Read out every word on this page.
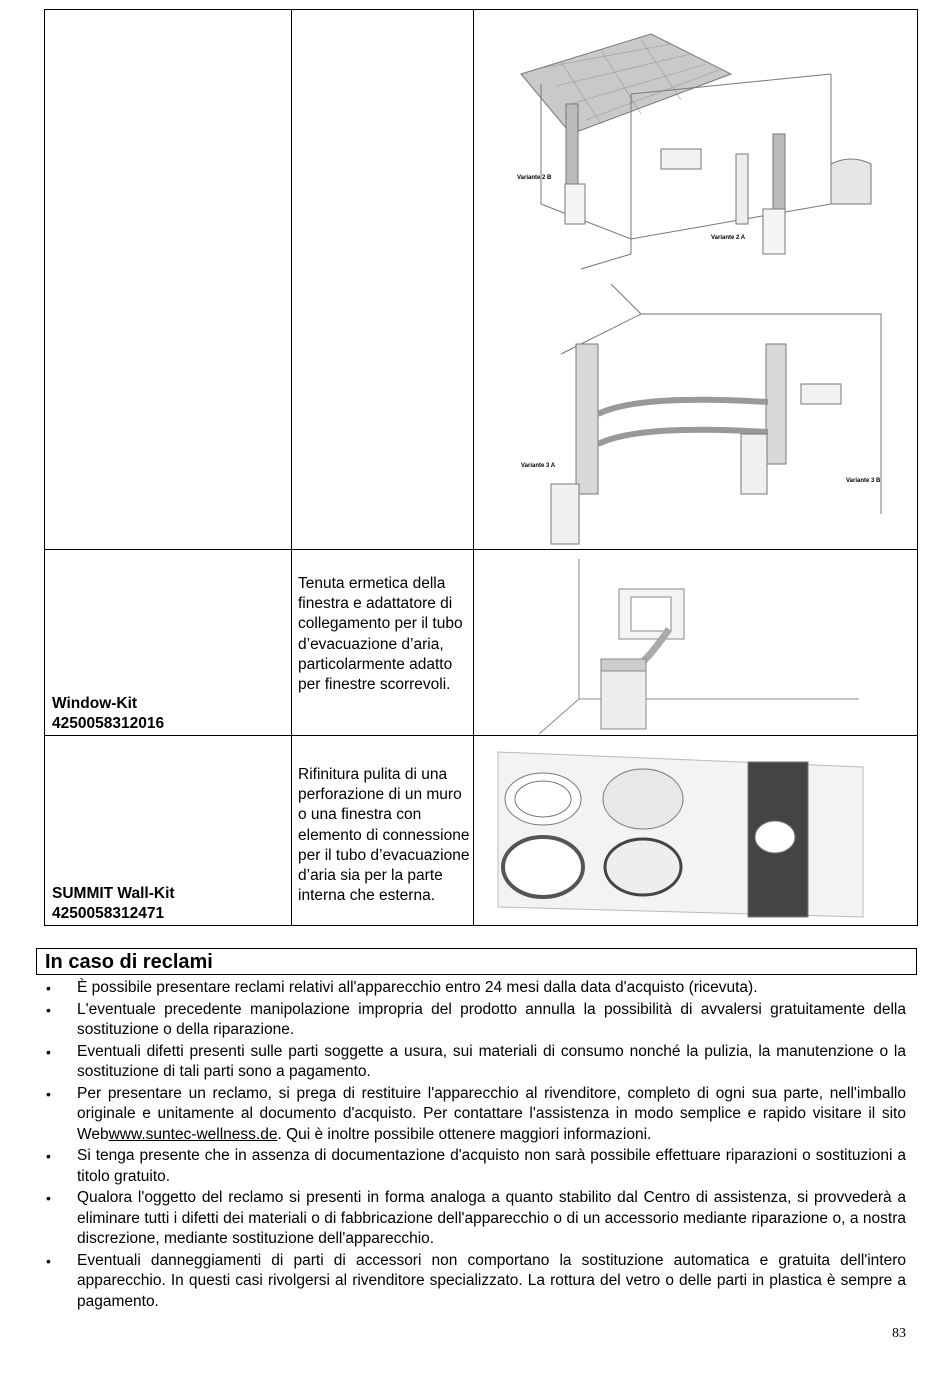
Variante 2 B
Variante 2 A
Variante 3 A
Variante 3 B
Window-Kit
4250058312016
Tenuta ermetica della finestra e adattatore di collegamento per il tubo d’evacuazione d’aria, particolarmente adatto per finestre scorrevoli.
SUMMIT Wall-Kit
4250058312471
Rifinitura pulita di una perforazione di un muro o una finestra con elemento di connessione per il tubo d’evacuazione d’aria sia per la parte interna che esterna.
In caso di reclami
• È possibile presentare reclami relativi all'apparecchio entro 24 mesi dalla data d'acquisto (ricevuta).
• L'eventuale precedente manipolazione impropria del prodotto annulla la possibilità di avvalersi gratuitamente della sostituzione o della riparazione.
• Eventuali difetti presenti sulle parti soggette a usura, sui materiali di consumo nonché la pulizia, la manutenzione o la sostituzione di tali parti sono a pagamento.
• Per presentare un reclamo, si prega di restituire l'apparecchio al rivenditore, completo di ogni sua parte, nell'imballo originale e unitamente al documento d'acquisto. Per contattare l'assistenza in modo semplice e rapido visitare il sito Webwww.suntec-wellness.de. Qui è inoltre possibile ottenere maggiori informazioni.
• Si tenga presente che in assenza di documentazione d'acquisto non sarà possibile effettuare riparazioni o sostituzioni a titolo gratuito.
• Qualora l'oggetto del reclamo si presenti in forma analoga a quanto stabilito dal Centro di assistenza, si provvederà a eliminare tutti i difetti dei materiali o di fabbricazione dell'apparecchio o di un accessorio mediante riparazione o, a nostra discrezione, mediante sostituzione dell'apparecchio.
• Eventuali danneggiamenti di parti di accessori non comportano la sostituzione automatica e gratuita dell'intero apparecchio. In questi casi rivolgersi al rivenditore specializzato. La rottura del vetro o delle parti in plastica è sempre a pagamento.
83
